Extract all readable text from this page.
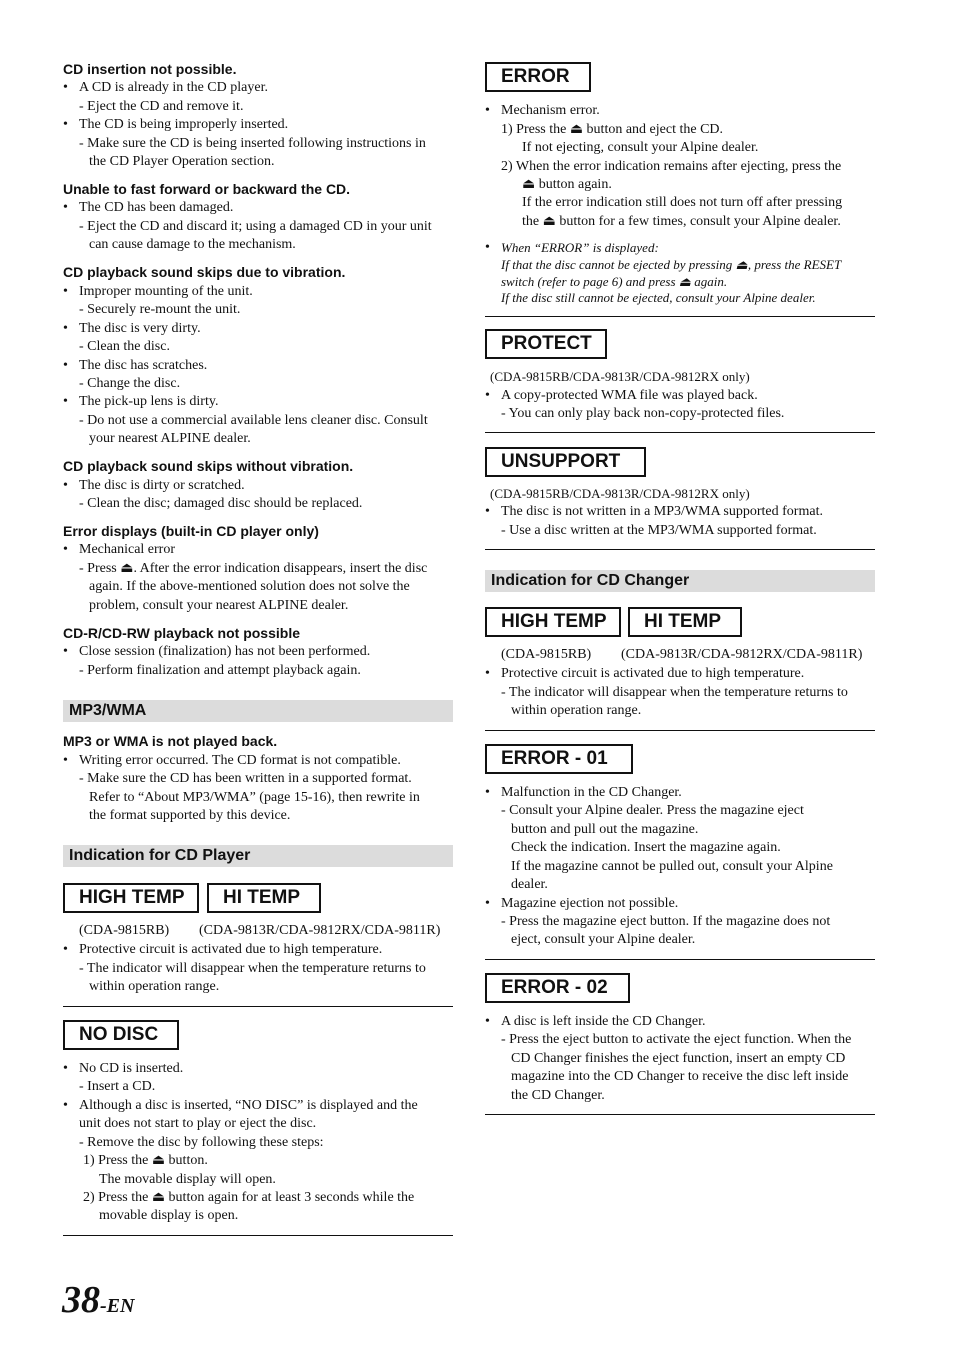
CD insertion not possible.
• A CD is already in the CD player.
- Eject the CD and remove it.
• The CD is being improperly inserted.
- Make sure the CD is being inserted following instructions in
the CD Player Operation section.
Unable to fast forward or backward the CD.
• The CD has been damaged.
- Eject the CD and discard it; using a damaged CD in your unit
can cause damage to the mechanism.
CD playback sound skips due to vibration.
• Improper mounting of the unit.
- Securely re-mount the unit.
• The disc is very dirty.
- Clean the disc.
• The disc has scratches.
- Change the disc.
• The pick-up lens is dirty.
- Do not use a commercial available lens cleaner disc. Consult
your nearest ALPINE dealer.
CD playback sound skips without vibration.
• The disc is dirty or scratched.
- Clean the disc; damaged disc should be replaced.
Error displays (built-in CD player only)
• Mechanical error
- Press ⏏. After the error indication disappears, insert the disc
again. If the above-mentioned solution does not solve the
problem, consult your nearest ALPINE dealer.
CD-R/CD-RW playback not possible
• Close session (finalization) has not been performed.
- Perform finalization and attempt playback again.
MP3/WMA
MP3 or WMA is not played back.
• Writing error occurred. The CD format is not compatible.
- Make sure the CD has been written in a supported format.
Refer to “About MP3/WMA” (page 15-16), then rewrite in
the format supported by this device.
Indication for CD Player
HIGH TEMP	HI TEMP
(CDA-9815RB) (CDA-9813R/CDA-9812RX/CDA-9811R)
• Protective circuit is activated due to high temperature.
- The indicator will disappear when the temperature returns to
within operation range.
NO DISC
• No CD is inserted.
- Insert a CD.
• Although a disc is inserted, “NO DISC” is displayed and the
unit does not start to play or eject the disc.
- Remove the disc by following these steps:
1) Press the ⏏ button.
The movable display will open.
2) Press the ⏏ button again for at least 3 seconds while the
movable display is open.
ERROR
• Mechanism error.
1) Press the ⏏ button and eject the CD.
If not ejecting, consult your Alpine dealer.
2) When the error indication remains after ejecting, press the
⏏ button again.
If the error indication still does not turn off after pressing
the ⏏ button for a few times, consult your Alpine dealer.
• When “ERROR” is displayed:
If that the disc cannot be ejected by pressing ⏏, press the RESET
switch (refer to page 6) and press ⏏ again.
If the disc still cannot be ejected, consult your Alpine dealer.
PROTECT
(CDA-9815RB/CDA-9813R/CDA-9812RX only)
• A copy-protected WMA file was played back.
- You can only play back non-copy-protected files.
UNSUPPORT
(CDA-9815RB/CDA-9813R/CDA-9812RX only)
• The disc is not written in a MP3/WMA supported format.
- Use a disc written at the MP3/WMA supported format.
Indication for CD Changer
HIGH TEMP	HI TEMP
(CDA-9815RB) (CDA-9813R/CDA-9812RX/CDA-9811R)
• Protective circuit is activated due to high temperature.
- The indicator will disappear when the temperature returns to
within operation range.
ERROR - 01
• Malfunction in the CD Changer.
- Consult your Alpine dealer. Press the magazine eject
button and pull out the magazine.
Check the indication. Insert the magazine again.
If the magazine cannot be pulled out, consult your Alpine
dealer.
• Magazine ejection not possible.
- Press the magazine eject button. If the magazine does not
eject, consult your Alpine dealer.
ERROR - 02
• A disc is left inside the CD Changer.
- Press the eject button to activate the eject function. When the
CD Changer finishes the eject function, insert an empty CD
magazine into the CD Changer to receive the disc left inside
the CD Changer.
38-EN
